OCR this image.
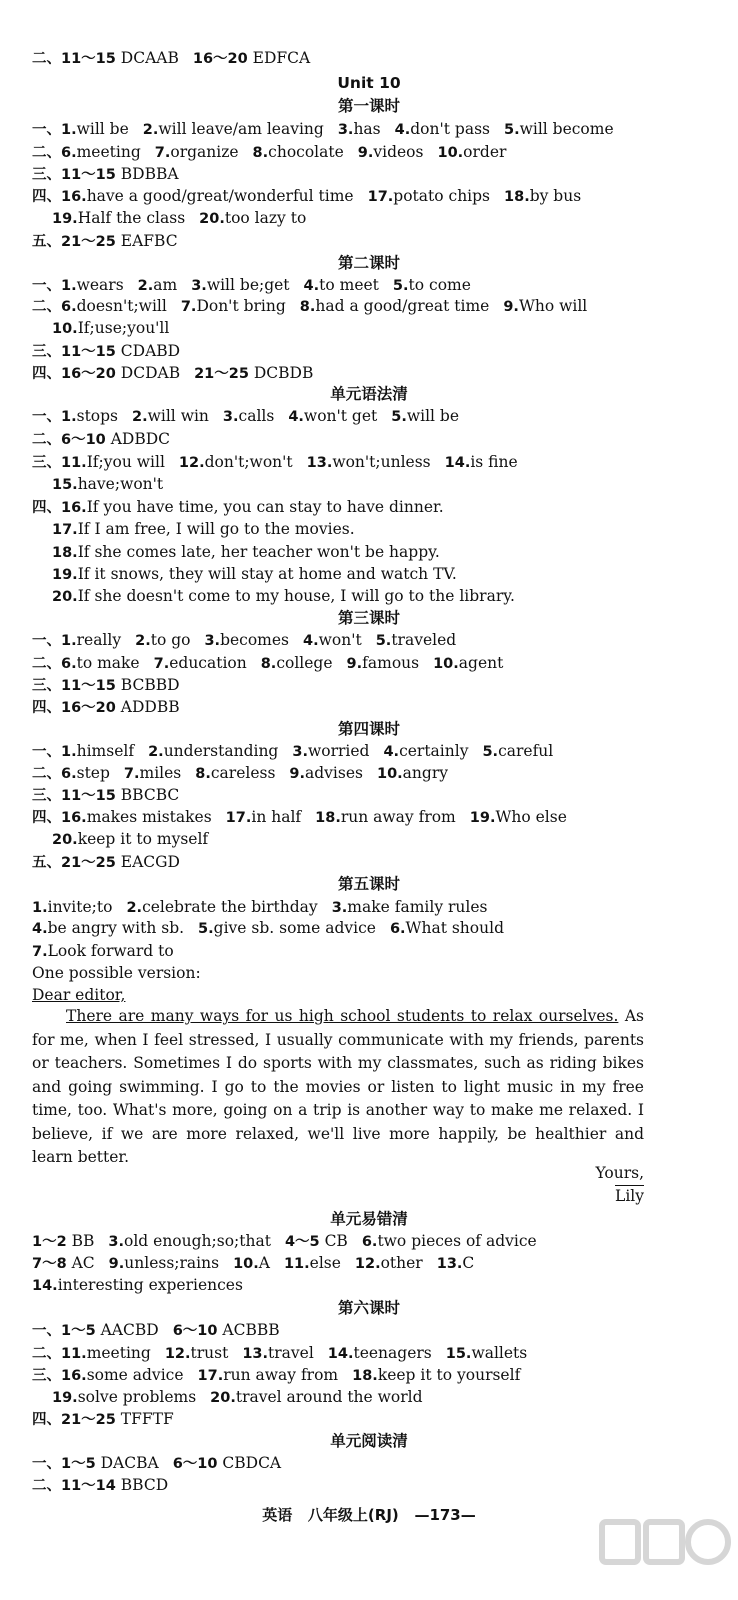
二、11～15 DCAAB 16～20 EDFCA
Unit 10
第一课时
一、1.will be 2.will leave/am leaving 3.has 4.don't pass 5.will become
二、6.meeting 7.organize 8.chocolate 9.videos 10.order
三、11～15 BDBBA
四、16.have a good/great/wonderful time 17.potato chips 18.by bus
19.Half the class 20.too lazy to
五、21～25 EAFBC
第二课时
一、1.wears 2.am 3.will be;get 4.to meet 5.to come
二、6.doesn't;will 7.Don't bring 8.had a good/great time 9.Who will
10.If;use;you'll
三、11～15 CDABD
四、16～20 DCDAB 21～25 DCBDB
单元语法清
一、1.stops 2.will win 3.calls 4.won't get 5.will be
二、6～10 ADBDC
三、11.If;you will 12.don't;won't 13.won't;unless 14.is fine
15.have;won't
四、16.If you have time, you can stay to have dinner.
17.If I am free, I will go to the movies.
18.If she comes late, her teacher won't be happy.
19.If it snows, they will stay at home and watch TV.
20.If she doesn't come to my house, I will go to the library.
第三课时
一、1.really 2.to go 3.becomes 4.won't 5.traveled
二、6.to make 7.education 8.college 9.famous 10.agent
三、11～15 BCBBD
四、16～20 ADDBB
第四课时
一、1.himself 2.understanding 3.worried 4.certainly 5.careful
二、6.step 7.miles 8.careless 9.advises 10.angry
三、11～15 BBCBC
四、16.makes mistakes 17.in half 18.run away from 19.Who else
20.keep it to myself
五、21～25 EACGD
第五课时
1.invite;to 2.celebrate the birthday 3.make family rules
4.be angry with sb. 5.give sb. some advice 6.What should
7.Look forward to
One possible version:
Dear editor,
There are many ways for us high school students to relax ourselves. As for me, when I feel stressed, I usually communicate with my friends, parents or teachers. Sometimes I do sports with my classmates, such as riding bikes and going swimming. I go to the movies or listen to light music in my free time, too. What's more, going on a trip is another way to make me relaxed. I believe, if we are more relaxed, we'll live more happily, be healthier and learn better.
Yours,
Lily
单元易错清
1～2 BB 3.old enough;so;that 4～5 CB 6.two pieces of advice
7～8 AC 9.unless;rains 10.A 11.else 12.other 13.C
14.interesting experiences
第六课时
一、1～5 AACBD 6～10 ACBBB
二、11.meeting 12.trust 13.travel 14.teenagers 15.wallets
三、16.some advice 17.run away from 18.keep it to yourself
19.solve problems 20.travel around the world
四、21～25 TFFTF
单元阅读清
一、1～5 DACBA 6～10 CBDCA
二、11～14 BBCD
英语 八年级上(RJ) —173—
